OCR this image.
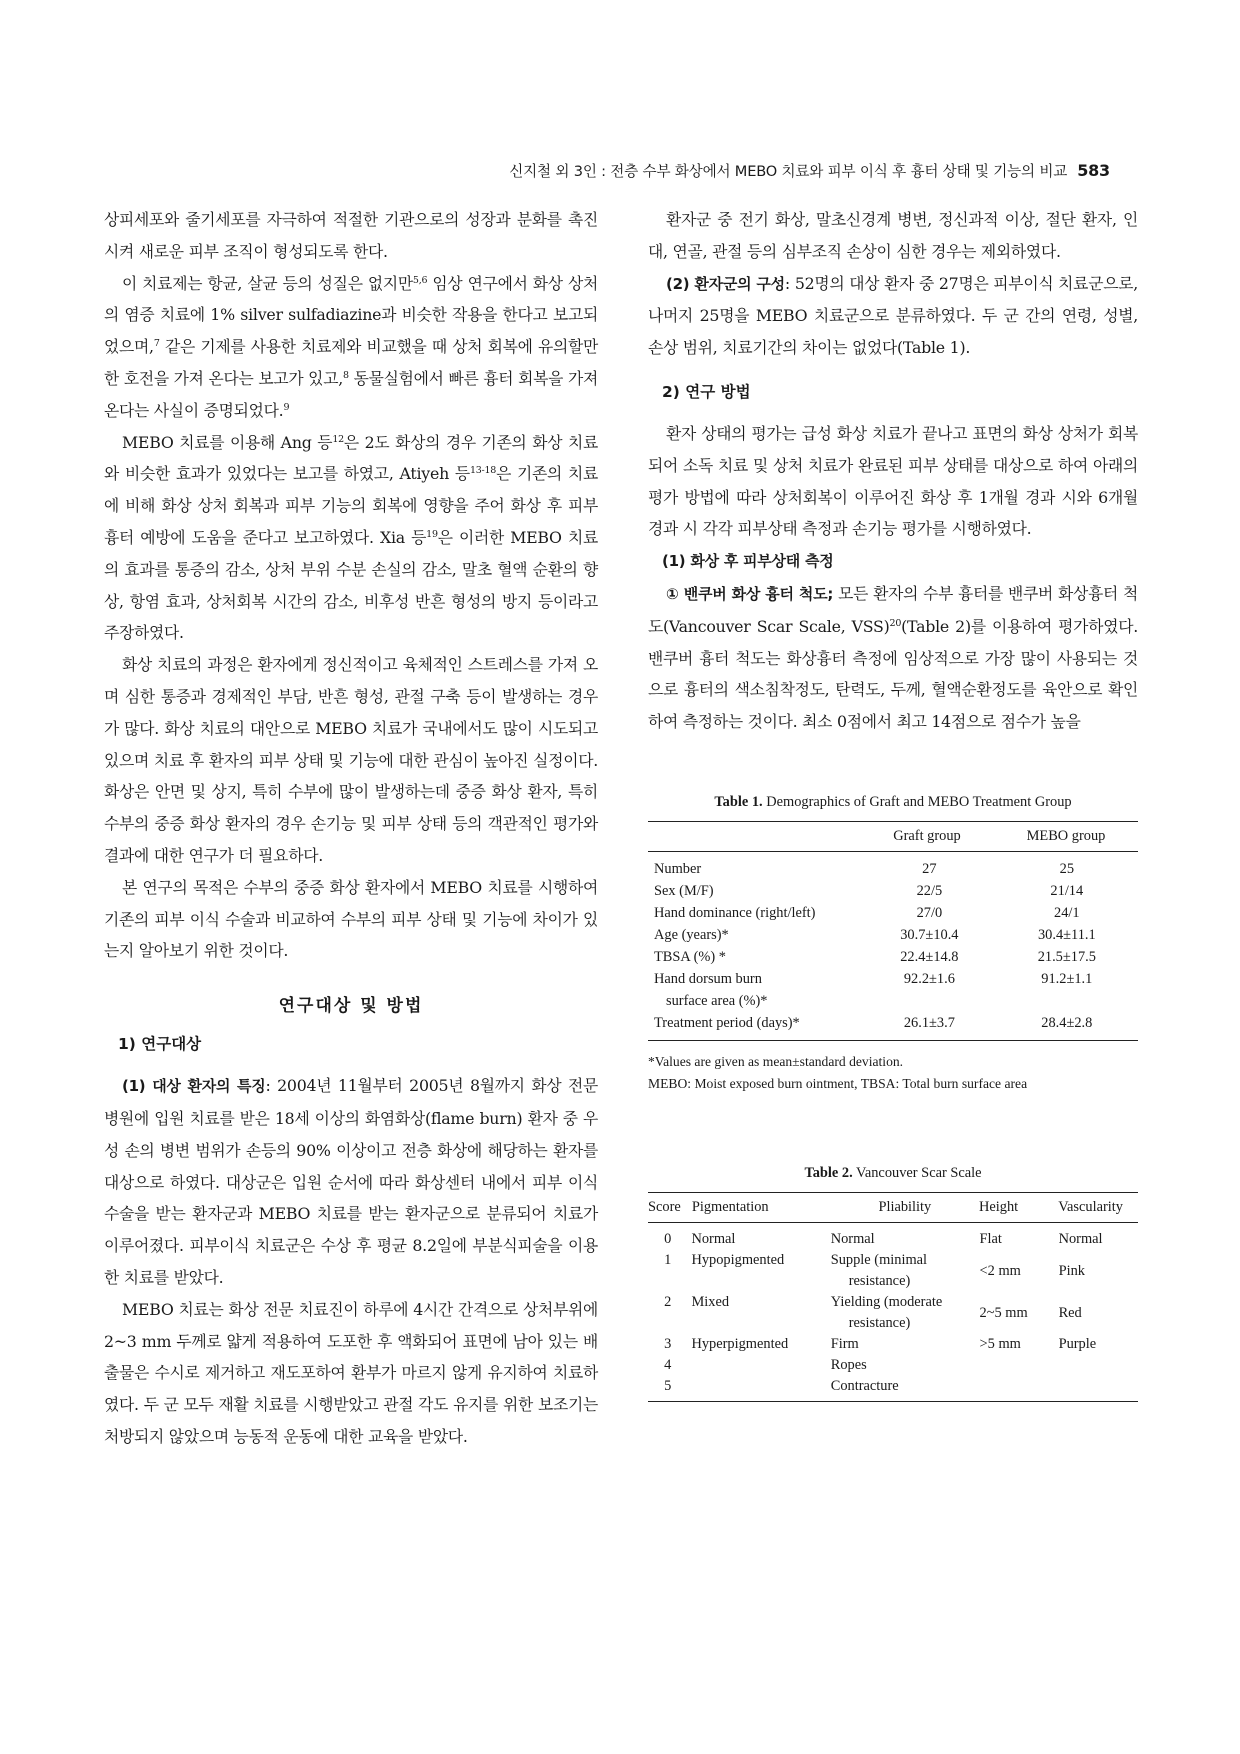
신지철 외 3인 : 전층 수부 화상에서 MEBO 치료와 피부 이식 후 흉터 상태 및 기능의 비교 583

상피세포와 줄기세포를 자극하여 적절한 기관으로의 성장과 분화를 촉진시켜 새로운 피부 조직이 형성되도록 한다.

이 치료제는 항균, 살균 등의 성질은 없지만$^{5,6}$ 임상 연구에서 화상 상처의 염증 치료에 1% silver sulfadiazine과 비슷한 작용을 한다고 보고되었으며,$^7$ 같은 기제를 사용한 치료제와 비교했을 때 상처 회복에 유의할만한 호전을 가져 온다는 보고가 있고,$^8$ 동물실험에서 빠른 흉터 회복을 가져온다는 사실이 증명되었다.$^9$

MEBO 치료를 이용해 Ang 등$^{12}$은 2도 화상의 경우 기존의 화상 치료와 비슷한 효과가 있었다는 보고를 하였고, Atiyeh 등$^{13-18}$은 기존의 치료에 비해 화상 상처 회복과 피부 기능의 회복에 영향을 주어 화상 후 피부 흉터 예방에 도움을 준다고 보고하였다. Xia 등$^{19}$은 이러한 MEBO 치료의 효과를 통증의 감소, 상처 부위 수분 손실의 감소, 말초 혈액 순환의 향상, 항염 효과, 상처회복 시간의 감소, 비후성 반흔 형성의 방지 등이라고 주장하였다.

화상 치료의 과정은 환자에게 정신적이고 육체적인 스트레스를 가져 오며 심한 통증과 경제적인 부담, 반흔 형성, 관절 구축 등이 발생하는 경우가 많다. 화상 치료의 대안으로 MEBO 치료가 국내에서도 많이 시도되고 있으며 치료 후 환자의 피부 상태 및 기능에 대한 관심이 높아진 실정이다. 화상은 안면 및 상지, 특히 수부에 많이 발생하는데 중증 화상 환자, 특히 수부의 중증 화상 환자의 경우 손기능 및 피부 상태 등의 객관적인 평가와 결과에 대한 연구가 더 필요하다.

본 연구의 목적은 수부의 중증 화상 환자에서 MEBO 치료를 시행하여 기존의 피부 이식 수술과 비교하여 수부의 피부 상태 및 기능에 차이가 있는지 알아보기 위한 것이다.

연구대상 및 방법
1) 연구대상

(1) 대상 환자의 특징: 2004년 11월부터 2005년 8월까지 화상 전문 병원에 입원 치료를 받은 18세 이상의 화염화상(flame burn) 환자 중 우성 손의 병변 범위가 손등의 90% 이상이고 전층 화상에 해당하는 환자를 대상으로 하였다. 대상군은 입원 순서에 따라 화상센터 내에서 피부 이식 수술을 받는 환자군과 MEBO 치료를 받는 환자군으로 분류되어 치료가 이루어졌다. 피부이식 치료군은 수상 후 평균 8.2일에 부분식피술을 이용한 치료를 받았다.

MEBO 치료는 화상 전문 치료진이 하루에 4시간 간격으로 상처부위에 2~3 mm 두께로 얇게 적용하여 도포한 후 액화되어 표면에 남아 있는 배출물은 수시로 제거하고 재도포하여 환부가 마르지 않게 유지하여 치료하였다. 두 군 모두 재활 치료를 시행받았고 관절 각도 유지를 위한 보조기는 처방되지 않았으며 능동적 운동에 대한 교육을 받았다.

환자군 중 전기 화상, 말초신경계 병변, 정신과적 이상, 절단 환자, 인대, 연골, 관절 등의 심부조직 손상이 심한 경우는 제외하였다.

(2) 환자군의 구성: 52명의 대상 환자 중 27명은 피부이식 치료군으로, 나머지 25명을 MEBO 치료군으로 분류하였다. 두 군 간의 연령, 성별, 손상 범위, 치료기간의 차이는 없었다(Table 1).

2) 연구 방법

환자 상태의 평가는 급성 화상 치료가 끝나고 표면의 화상 상처가 회복되어 소독 치료 및 상처 치료가 완료된 피부 상태를 대상으로 하여 아래의 평가 방법에 따라 상처회복이 이루어진 화상 후 1개월 경과 시와 6개월 경과 시 각각 피부상태 측정과 손기능 평가를 시행하였다.

(1) 화상 후 피부상태 측정

① 밴쿠버 화상 흉터 척도; 모든 환자의 수부 흉터를 밴쿠버 화상흉터 척도(Vancouver Scar Scale, VSS)$^{20}$(Table 2)를 이용하여 평가하였다. 밴쿠버 흉터 척도는 화상흉터 측정에 임상적으로 가장 많이 사용되는 것으로 흉터의 색소침착정도, 탄력도, 두께, 혈액순환정도를 육안으로 확인하여 측정하는 것이다. 최소 0점에서 최고 14점으로 점수가 높을

Table 1. Demographics of Graft and MEBO Treatment Group
	Graft group	MEBO group
Number	27	25
Sex (M/F)	22/5	21/14
Hand dominance (right/left)	27/0	24/1
Age (years)*	30.7±10.4	30.4±11.1
TBSA (%) *	22.4±14.8	21.5±17.5
Hand dorsum burn
surface area (%)*	92.2±1.6	91.2±1.1
Treatment period (days)*	26.1±3.7	28.4±2.8
*Values are given as mean±standard deviation.
MEBO: Moist exposed burn ointment, TBSA: Total burn surface area
Table 2. Vancouver Scar Scale
Score	Pigmentation	Pliability	Height	Vascularity
0	Normal	Normal	Flat	Normal
1	Hypopigmented	Supple (minimal
resistance)	<2 mm	Pink
2	Mixed	Yielding (moderate
resistance)	2~5 mm	Red
3	Hyperpigmented	Firm	>5 mm	Purple
4		Ropes		
5		Contracture		
